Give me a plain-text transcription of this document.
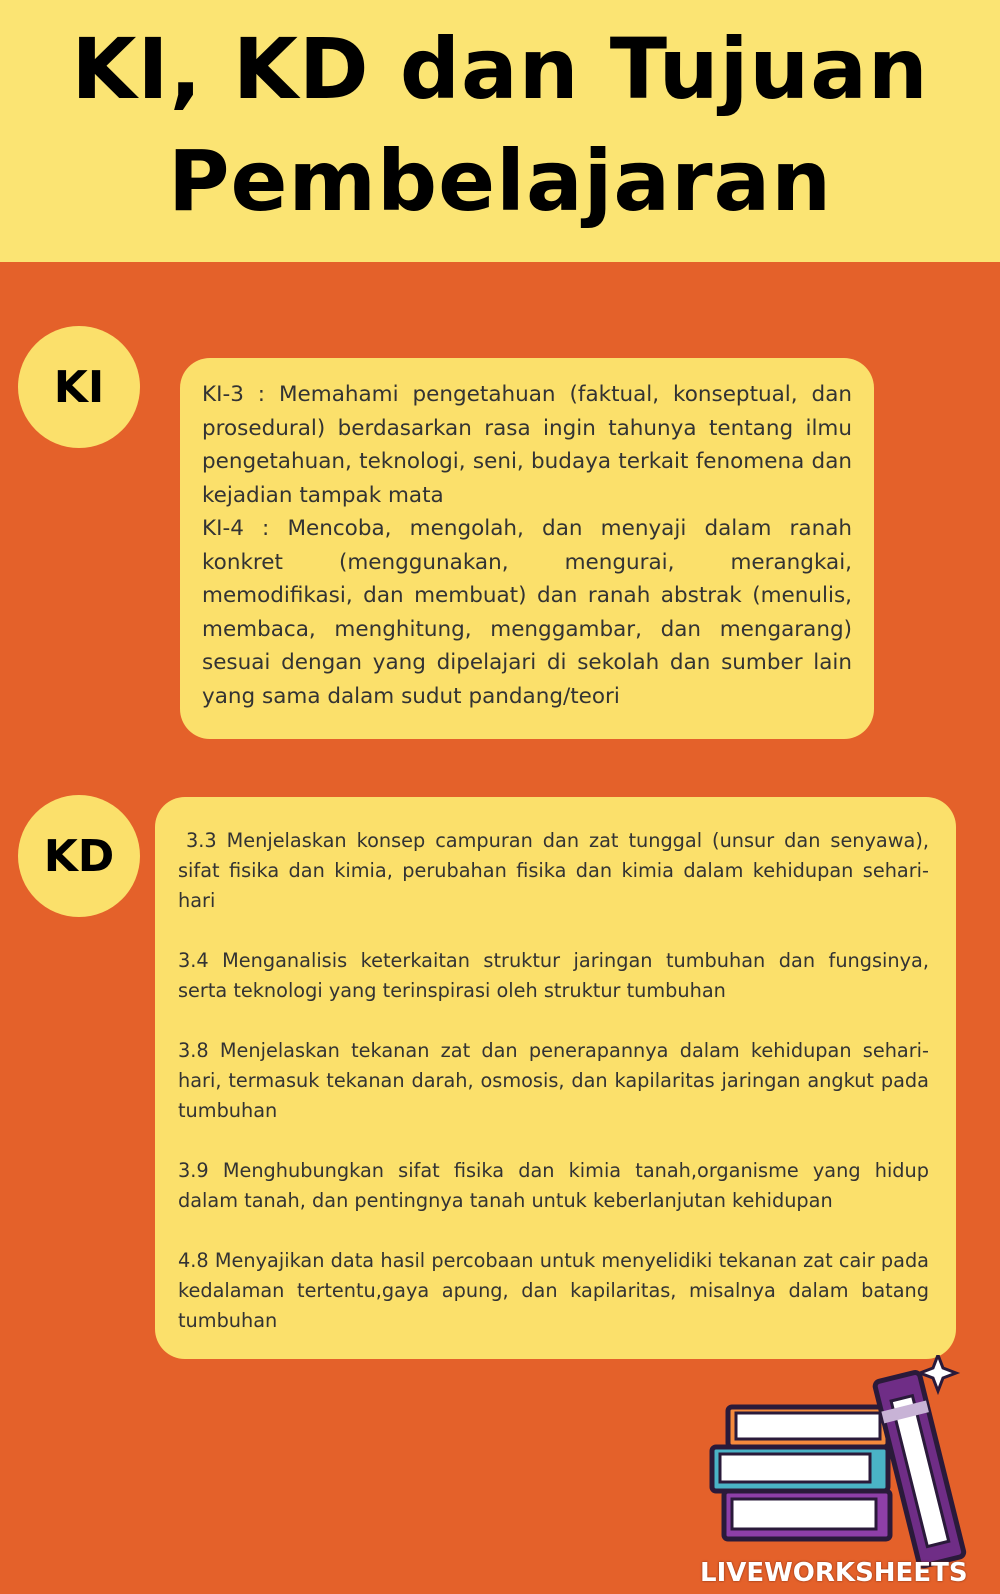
KI, KD dan Tujuan
Pembelajaran
KI	KI-3 : Memahami pengetahuan (faktual, konseptual, dan prosedural) berdasarkan rasa ingin tahunya tentang ilmu pengetahuan, teknologi, seni, budaya terkait fenomena dan kejadian tampak mata

KI-4 : Mencoba, mengolah, dan menyaji dalam ranah konkret (menggunakan, mengurai, merangkai, memodifikasi, dan membuat) dan ranah abstrak (menulis, membaca, menghitung, menggambar, dan mengarang) sesuai dengan yang dipelajari di sekolah dan sumber lain yang sama dalam sudut pandang/teori

KD	3.3 Menjelaskan konsep campuran dan zat tunggal (unsur dan senyawa), sifat fisika dan kimia, perubahan fisika dan kimia dalam kehidupan sehari-hari

3.4 Menganalisis keterkaitan struktur jaringan tumbuhan dan fungsinya, serta teknologi yang terinspirasi oleh struktur tumbuhan

3.8 Menjelaskan tekanan zat dan penerapannya dalam kehidupan sehari-hari, termasuk tekanan darah, osmosis, dan kapilaritas jaringan angkut pada tumbuhan

3.9 Menghubungkan sifat fisika dan kimia tanah,organisme yang hidup dalam tanah, dan pentingnya tanah untuk keberlanjutan kehidupan

4.8 Menyajikan data hasil percobaan untuk menyelidiki tekanan zat cair pada kedalaman tertentu,gaya apung, dan kapilaritas, misalnya dalam batang tumbuhan

LIVEWORKSHEETS
